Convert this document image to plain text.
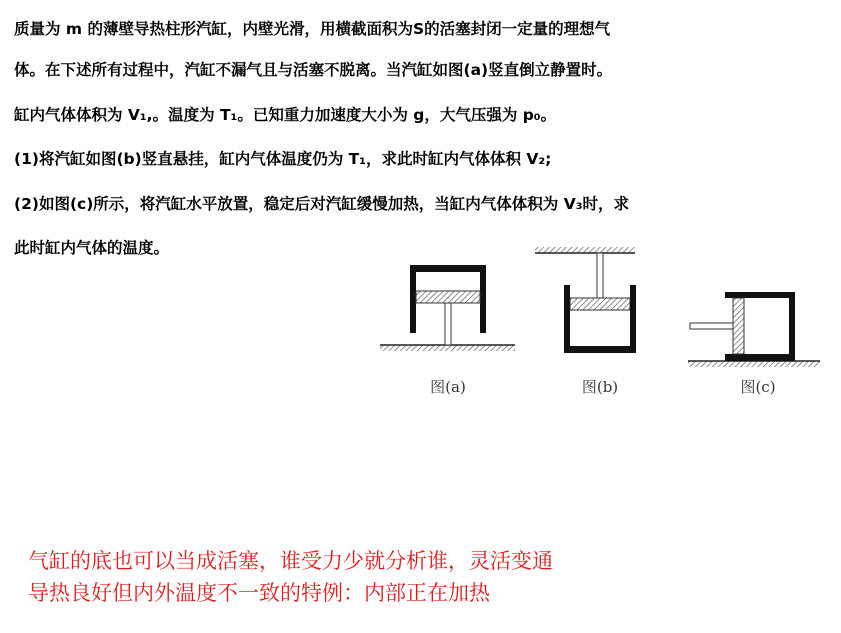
质量为 m 的薄壁导热柱形汽缸，内壁光滑，用横截面积为S的活塞封闭一定量的理想气
体。在下述所有过程中，汽缸不漏气且与活塞不脱离。当汽缸如图(a)竖直倒立静置时。
缸内气体体积为 V₁,。温度为 T₁。已知重力加速度大小为 g，大气压强为 p₀。
(1)将汽缸如图(b)竖直悬挂，缸内气体温度仍为 T₁，求此时缸内气体体积 V₂;
(2)如图(c)所示，将汽缸水平放置，稳定后对汽缸缓慢加热，当缸内气体体积为 V₃时，求
此时缸内气体的温度。
图(a)	图(b)	图(c)
气缸的底也可以当成活塞，谁受力少就分析谁，灵活变通
导热良好但内外温度不一致的特例：内部正在加热
